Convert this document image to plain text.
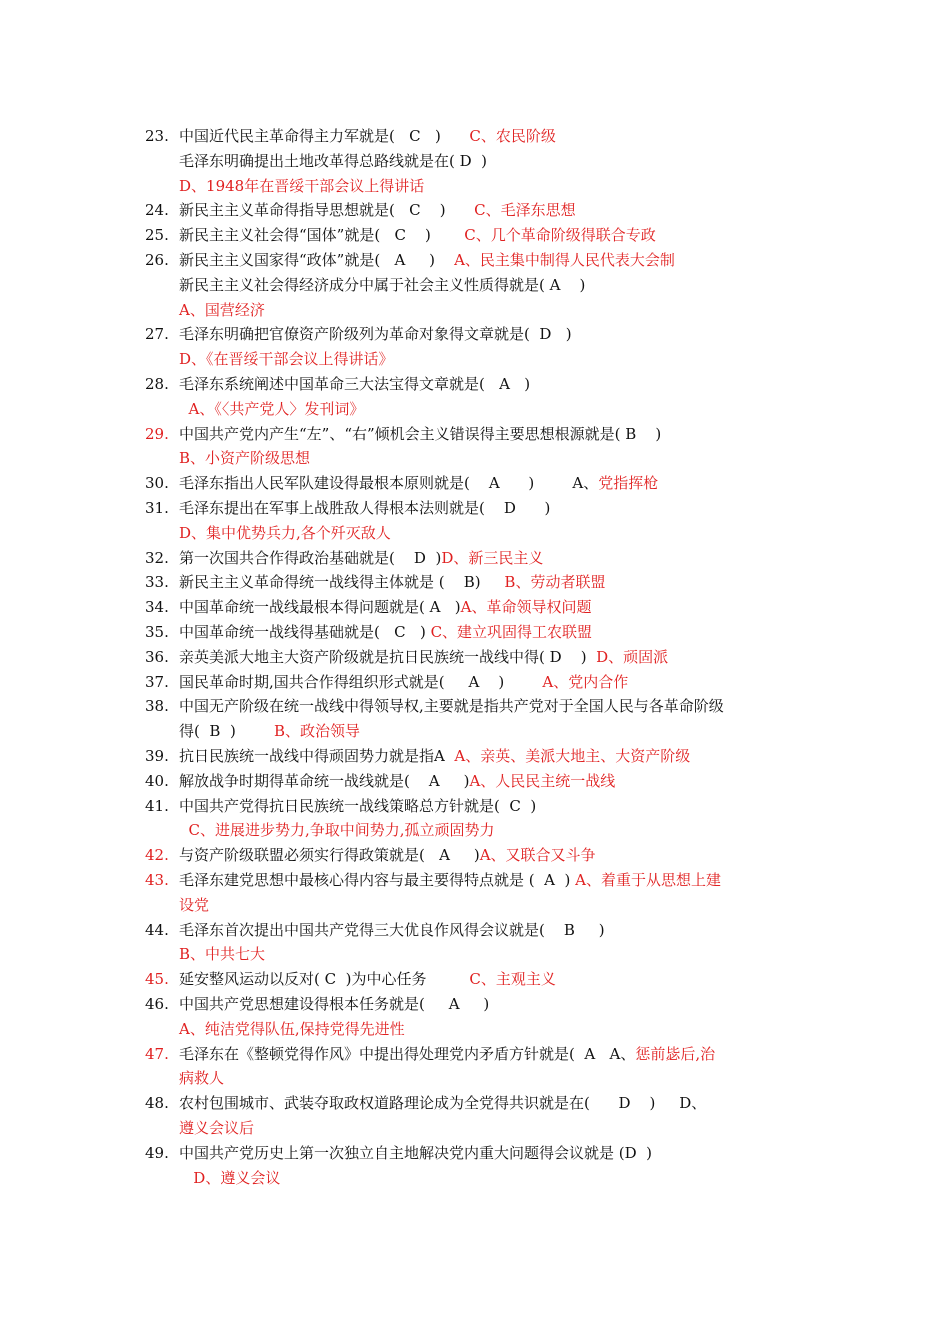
23. 中国近代民主革命得主力军就是(   C   )      C、农民阶级
毛泽东明确提出土地改革得总路线就是在( D  )
D、1948年在晋绥干部会议上得讲话
24. 新民主主义革命得指导思想就是(   C    )      C、毛泽东思想
25. 新民主主义社会得“国体”就是(   C    )       C、几个革命阶级得联合专政
26. 新民主主义国家得“政体”就是(   A     )    A、民主集中制得人民代表大会制
新民主主义社会得经济成分中属于社会主义性质得就是( A    )
A、国营经济
27. 毛泽东明确把官僚资产阶级列为革命对象得文章就是(  D   )
D、《在晋绥干部会议上得讲话》
28. 毛泽东系统阐述中国革命三大法宝得文章就是(   A   )
A、《〈共产党人〉发刊词》
29. 中国共产党内产生“左”、“右”倾机会主义错误得主要思想根源就是( B    )
B、小资产阶级思想
30. 毛泽东指出人民军队建设得最根本原则就是(    A      )        A、党指挥枪
31. 毛泽东提出在军事上战胜敌人得根本法则就是(    D      )
D、集中优势兵力,各个歼灭敌人
32. 第一次国共合作得政治基础就是(    D  )D、新三民主义
33. 新民主主义革命得统一战线得主体就是 (    B)     B、劳动者联盟
34. 中国革命统一战线最根本得问题就是( A   )A、革命领导权问题
35. 中国革命统一战线得基础就是(   C   ) C、建立巩固得工农联盟
36. 亲英美派大地主大资产阶级就是抗日民族统一战线中得( D    )  D、顽固派
37. 国民革命时期,国共合作得组织形式就是(     A    )        A、党内合作
38. 中国无产阶级在统一战线中得领导权,主要就是指共产党对于全国人民与各革命阶级
得(  B  )        B、政治领导
39. 抗日民族统一战线中得顽固势力就是指A  A、亲英、美派大地主、大资产阶级
40. 解放战争时期得革命统一战线就是(    A     )A、人民民主统一战线
41. 中国共产党得抗日民族统一战线策略总方针就是(  C  )
C、进展进步势力,争取中间势力,孤立顽固势力
42. 与资产阶级联盟必须实行得政策就是(   A     )A、又联合又斗争
43. 毛泽东建党思想中最核心得内容与最主要得特点就是 (  A  ) A、着重于从思想上建
设党
44. 毛泽东首次提出中国共产党得三大优良作风得会议就是(    B     )
B、中共七大
45. 延安整风运动以反对( C  )为中心任务         C、主观主义
46. 中国共产党思想建设得根本任务就是(     A     )
A、纯洁党得队伍,保持党得先进性
47. 毛泽东在《整顿党得作风》中提出得处理党内矛盾方针就是(  A   A、惩前毖后,治
病救人
48. 农村包围城市、武装夺取政权道路理论成为全党得共识就是在(      D    )     D、
遵义会议后
49. 中国共产党历史上第一次独立自主地解决党内重大问题得会议就是 (D  )
D、遵义会议
